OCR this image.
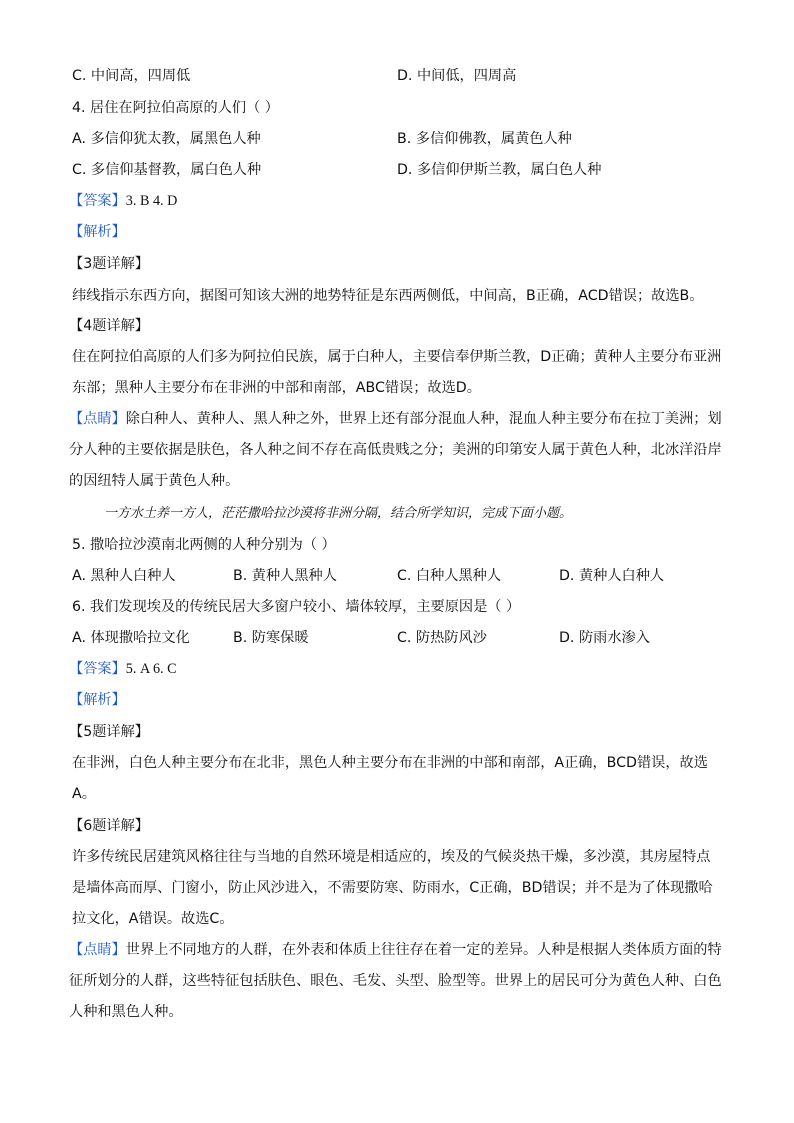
C. 中间高，四周低	D. 中间低，四周高
4. 居住在阿拉伯高原的人们（ ）
A. 多信仰犹太教，属黑色人种	B. 多信仰佛教，属黄色人种
C. 多信仰基督教，属白色人种	D. 多信仰伊斯兰教，属白色人种
【答案】3. B 4. D
【解析】
【3题详解】
纬线指示东西方向，据图可知该大洲的地势特征是东西两侧低，中间高，B正确，ACD错误；故选B。
【4题详解】
住在阿拉伯高原的人们多为阿拉伯民族，属于白种人，主要信奉伊斯兰教，D正确；黄种人主要分布亚洲东部；黑种人主要分布在非洲的中部和南部，ABC错误；故选D。
【点睛】除白种人、黄种人、黑人种之外，世界上还有部分混血人种，混血人种主要分布在拉丁美洲；划分人种的主要依据是肤色，各人种之间不存在高低贵贱之分；美洲的印第安人属于黄色人种，北冰洋沿岸的因纽特人属于黄色人种。
一方水土养一方人，茫茫撒哈拉沙漠将非洲分隔，结合所学知识，完成下面小题。
5. 撒哈拉沙漠南北两侧的人种分别为（ ）
A. 黑种人白种人	B. 黄种人黑种人	C. 白种人黑种人	D. 黄种人白种人
6. 我们发现埃及的传统民居大多窗户较小、墙体较厚，主要原因是（ ）
A. 体现撒哈拉文化	B. 防寒保暖	C. 防热防风沙	D. 防雨水渗入
【答案】5. A 6. C
【解析】
【5题详解】
在非洲，白色人种主要分布在北非，黑色人种主要分布在非洲的中部和南部，A正确，BCD错误，故选A。
【6题详解】
许多传统民居建筑风格往往与当地的自然环境是相适应的，埃及的气候炎热干燥，多沙漠，其房屋特点是墙体高而厚、门窗小，防止风沙进入，不需要防寒、防雨水，C正确，BD错误；并不是为了体现撒哈拉文化，A错误。故选C。
【点睛】世界上不同地方的人群，在外表和体质上往往存在着一定的差异。人种是根据人类体质方面的特征所划分的人群，这些特征包括肤色、眼色、毛发、头型、脸型等。世界上的居民可分为黄色人种、白色人种和黑色人种。
